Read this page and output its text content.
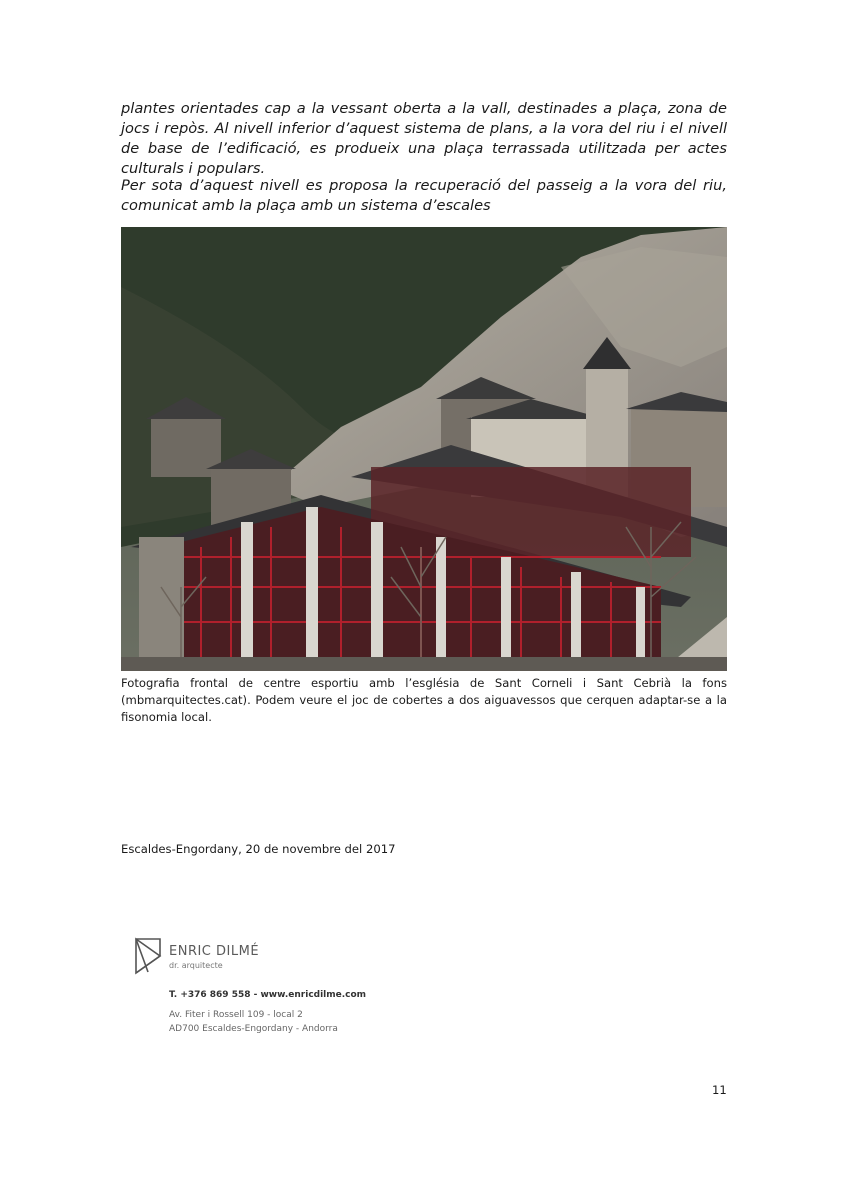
plantes orientades cap a la vessant oberta a la vall, destinades a plaça, zona de jocs i repòs. Al nivell inferior d’aquest sistema de plans, a la vora del riu i el nivell de base de l’edificació, es produeix una plaça terrassada utilitzada per actes culturals i populars.

Per sota d’aquest nivell es proposa la recuperació del passeig a la vora del riu, comunicat amb la plaça amb un sistema d’escales

Fotografia frontal de centre esportiu amb l’església de Sant Corneli i Sant Cebrià la fons (mbmarquitectes.cat). Podem veure el joc de cobertes a dos aiguavessos que cerquen adaptar-se a la fisonomia local.

Escaldes-Engordany, 20 de novembre del 2017

ENRIC DILMÉ
dr. arquitecte
T. +376 869 558 - www.enricdilme.com
Av. Fiter i Rossell 109 - local 2
AD700 Escaldes-Engordany - Andorra
11
